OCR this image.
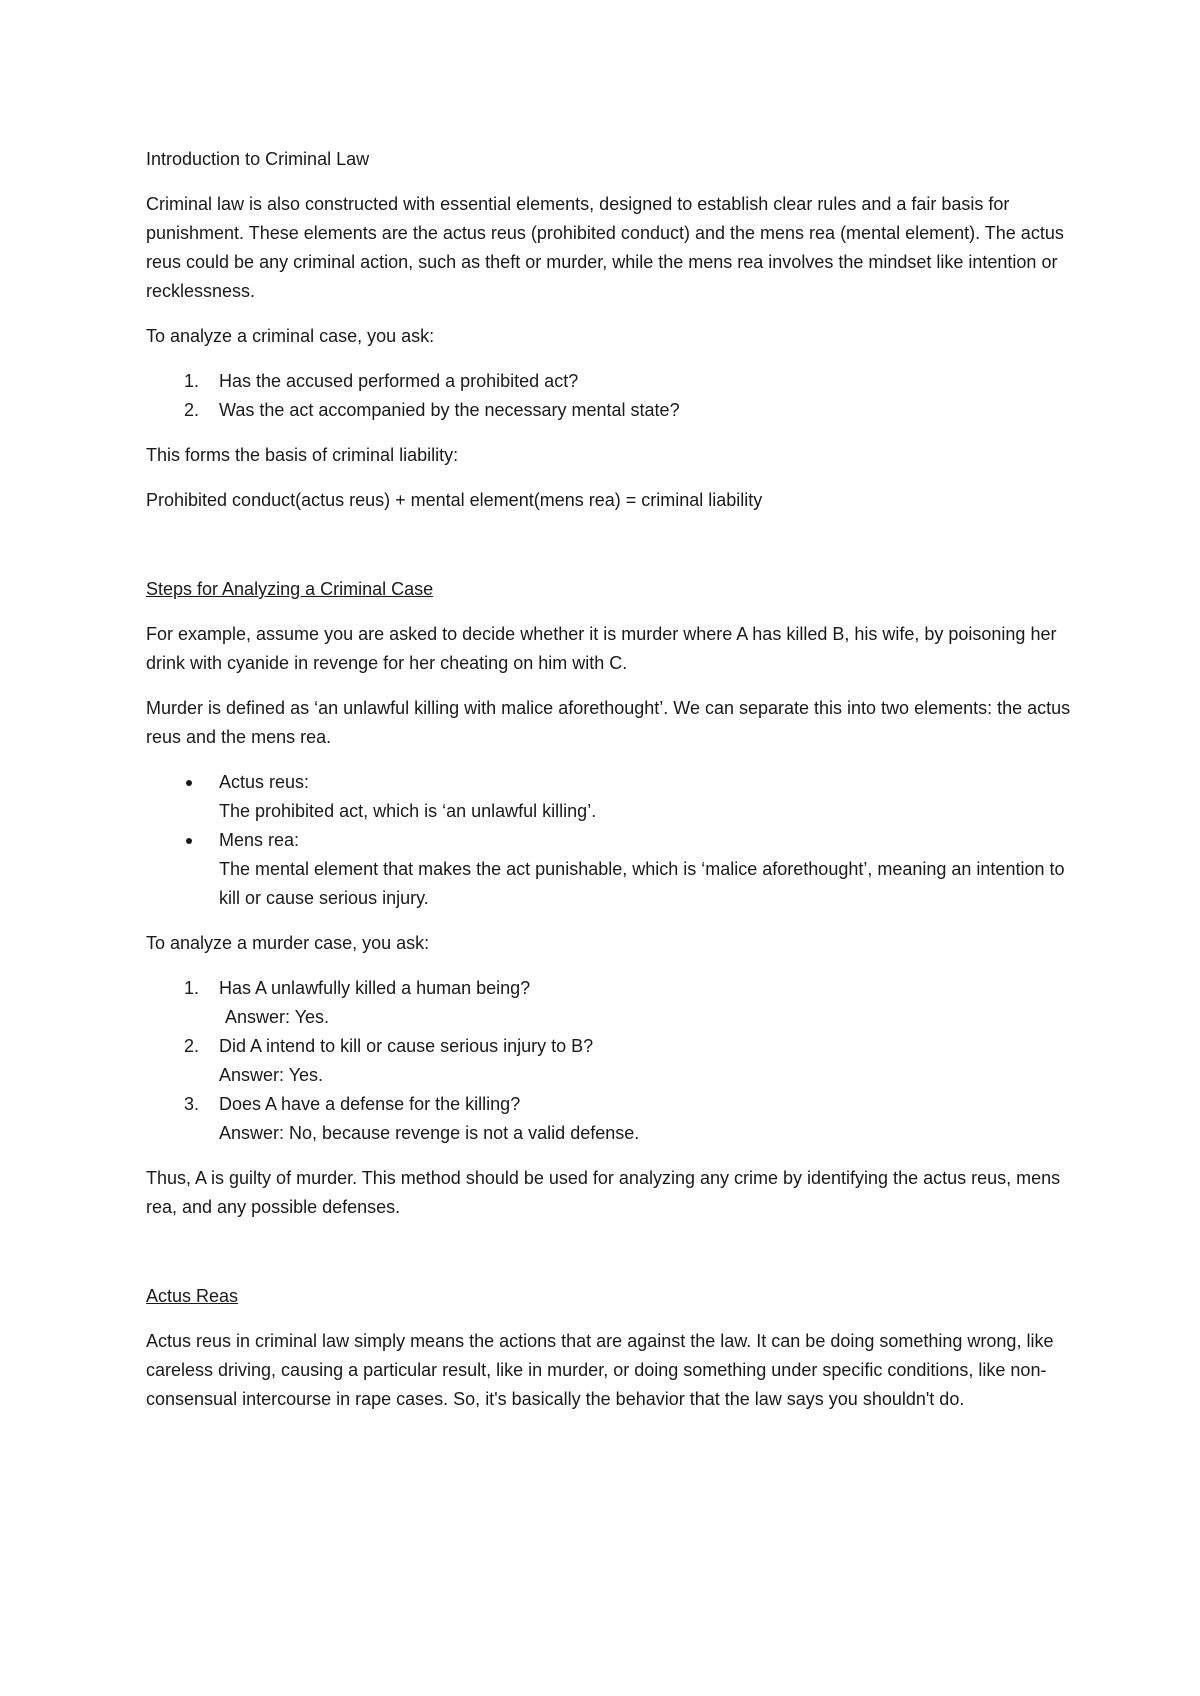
Introduction to Criminal Law

Criminal law is also constructed with essential elements, designed to establish clear rules and a fair basis for punishment. These elements are the actus reus (prohibited conduct) and the mens rea (mental element). The actus reus could be any criminal action, such as theft or murder, while the mens rea involves the mindset like intention or recklessness.

To analyze a criminal case, you ask:

1. Has the accused performed a prohibited act?
2. Was the act accompanied by the necessary mental state?

This forms the basis of criminal liability:

Prohibited conduct(actus reus) + mental element(mens rea) = criminal liability

Steps for Analyzing a Criminal Case

For example, assume you are asked to decide whether it is murder where A has killed B, his wife, by poisoning her drink with cyanide in revenge for her cheating on him with C.

Murder is defined as ‘an unlawful killing with malice aforethought’. We can separate this into two elements: the actus reus and the mens rea.

Actus reus:
The prohibited act, which is ‘an unlawful killing’.
Mens rea:
The mental element that makes the act punishable, which is ‘malice aforethought’, meaning an intention to kill or cause serious injury.

To analyze a murder case, you ask:

1. Has A unlawfully killed a human being?
Answer: Yes.
2. Did A intend to kill or cause serious injury to B?
Answer: Yes.
3. Does A have a defense for the killing?
Answer: No, because revenge is not a valid defense.

Thus, A is guilty of murder. This method should be used for analyzing any crime by identifying the actus reus, mens rea, and any possible defenses.

Actus Reas

Actus reus in criminal law simply means the actions that are against the law. It can be doing something wrong, like careless driving, causing a particular result, like in murder, or doing something under specific conditions, like non-consensual intercourse in rape cases. So, it's basically the behavior that the law says you shouldn't do.
